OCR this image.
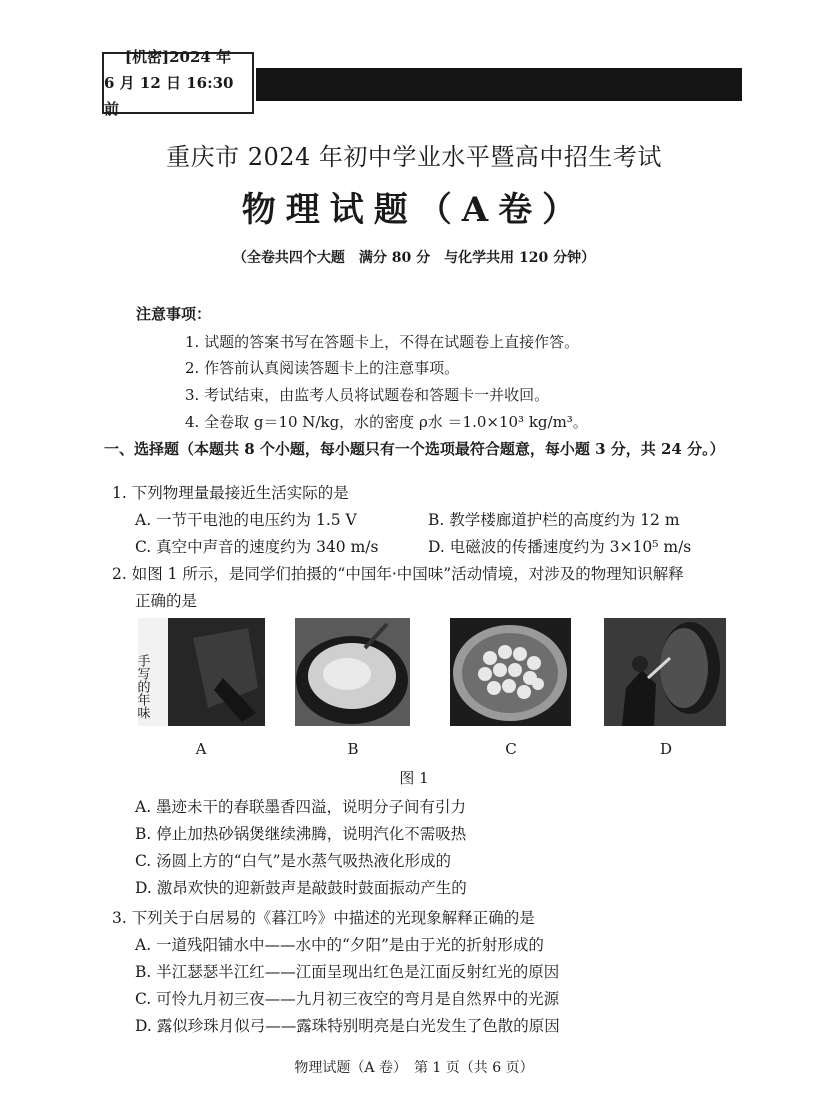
[机密]2024 年
6 月 12 日 16:30 前
重庆市 2024 年初中学业水平暨高中招生考试
物理试题（A卷）
（全卷共四个大题　满分 80 分　与化学共用 120 分钟）
注意事项：
1. 试题的答案书写在答题卡上，不得在试题卷上直接作答。
2. 作答前认真阅读答题卡上的注意事项。
3. 考试结束，由监考人员将试题卷和答题卡一并收回。
4. 全卷取 g＝10 N/kg，水的密度 ρ水 ＝1.0×10³ kg/m³。
一、选择题（本题共 8 个小题，每小题只有一个选项最符合题意，每小题 3 分，共 24 分。）
1. 下列物理量最接近生活实际的是
A. 一节干电池的电压约为 1.5 V	B. 教学楼廊道护栏的高度约为 12 m
C. 真空中声音的速度约为 340 m/s	D. 电磁波的传播速度约为 3×10⁵ m/s
2. 如图 1 所示，是同学们拍摄的“中国年·中国味”活动情境，对涉及的物理知识解释
正确的是
手写的年味
A	B	C	D
图 1
A. 墨迹未干的春联墨香四溢，说明分子间有引力
B. 停止加热砂锅煲继续沸腾，说明汽化不需吸热
C. 汤圆上方的“白气”是水蒸气吸热液化形成的
D. 激昂欢快的迎新鼓声是敲鼓时鼓面振动产生的
3. 下列关于白居易的《暮江吟》中描述的光现象解释正确的是
A. 一道残阳铺水中——水中的“夕阳”是由于光的折射形成的
B. 半江瑟瑟半江红——江面呈现出红色是江面反射红光的原因
C. 可怜九月初三夜——九月初三夜空的弯月是自然界中的光源
D. 露似珍珠月似弓——露珠特别明亮是白光发生了色散的原因
物理试题（A 卷）　第 1 页（共 6 页）
